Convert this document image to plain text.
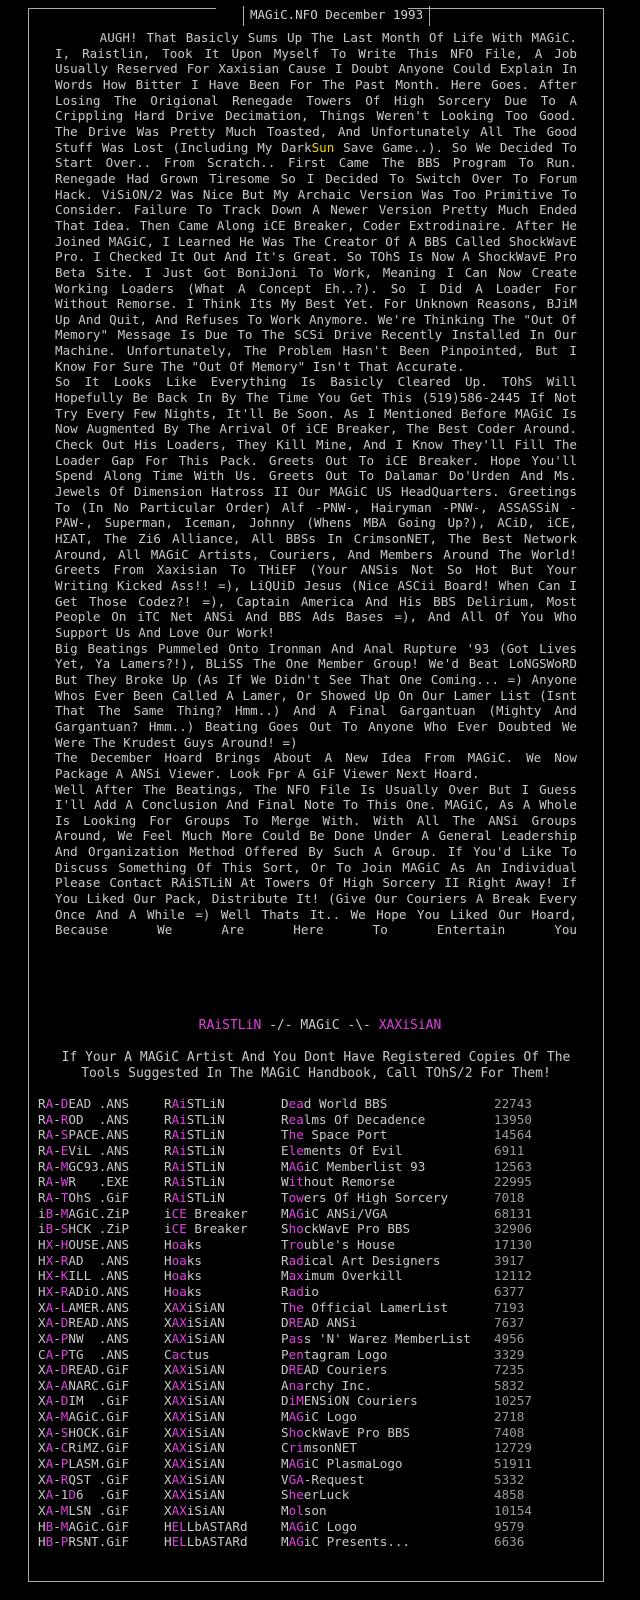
MAGiC.NFO December 1993

AUGH! That Basicly Sums Up The Last Month Of Life With MAGiC. I, Raistlin, Took It Upon Myself To Write This NFO File, A Job Usually Reserved For Xaxisian Cause I Doubt Anyone Could Explain In Words How Bitter I Have Been For The Past Month. Here Goes. After Losing The Origional Renegade Towers Of High Sorcery Due To A Crippling Hard Drive Decimation, Things Weren't Looking Too Good. The Drive Was Pretty Much Toasted, And Unfortunately All The Good Stuff Was Lost (Including My DarkSun Save Game..). So We Decided To Start Over.. From Scratch.. First Came The BBS Program To Run. Renegade Had Grown Tiresome So I Decided To Switch Over To Forum Hack. ViSiON/2 Was Nice But My Archaic Version Was Too Primitive To Consider. Failure To Track Down A Newer Version Pretty Much Ended That Idea. Then Came Along iCE Breaker, Coder Extrodinaire. After He Joined MAGiC, I Learned He Was The Creator Of A BBS Called ShockWavE Pro. I Checked It Out And It's Great. So TOhS Is Now A ShockWavE Pro Beta Site. I Just Got BoniJoni To Work, Meaning I Can Now Create Working Loaders (What A Concept Eh..?). So I Did A Loader For Without Remorse. I Think Its My Best Yet. For Unknown Reasons, BJiM Up And Quit, And Refuses To Work Anymore. We're Thinking The "Out Of Memory" Message Is Due To The SCSi Drive Recently Installed In Our Machine. Unfortunately, The Problem Hasn't Been Pinpointed, But I Know For Sure The "Out Of Memory" Isn't That Accurate.

So It Looks Like Everything Is Basicly Cleared Up. TOhS Will Hopefully Be Back In By The Time You Get This (519)586-2445 If Not Try Every Few Nights, It'll Be Soon. As I Mentioned Before MAGiC Is Now Augmented By The Arrival Of iCE Breaker, The Best Coder Around. Check Out His Loaders, They Kill Mine, And I Know They'll Fill The Loader Gap For This Pack. Greets Out To iCE Breaker. Hope You'll Spend Along Time With Us. Greets Out To Dalamar Do'Urden And Ms. Jewels Of Dimension Hatross II Our MAGiC US HeadQuarters. Greetings To (In No Particular Order) Alf -PNW-, Hairyman -PNW-, ASSASSiN -PAW-, Superman, Iceman, Johnny (Whens MBA Going Up?), ACiD, iCE, HΣAT, The Zi6 Alliance, All BBSs In CrimsonNET, The Best Network Around, All MAGiC Artists, Couriers, And Members Around The World! Greets From Xaxisian To THiEF (Your ANSis Not So Hot But Your Writing Kicked Ass!! =), LiQUiD Jesus (Nice ASCii Board! When Can I Get Those Codez?! =), Captain America And His BBS Delirium, Most People On iTC Net ANSi And BBS Ads Bases =), And All Of You Who Support Us And Love Our Work!

Big Beatings Pummeled Onto Ironman And Anal Rupture '93 (Got Lives Yet, Ya Lamers?!), BLiSS The One Member Group! We'd Beat LoNGSWoRD But They Broke Up (As If We Didn't See That One Coming... =) Anyone Whos Ever Been Called A Lamer, Or Showed Up On Our Lamer List (Isnt That The Same Thing? Hmm..) And A Final Gargantuan (Mighty And Gargantuan? Hmm..) Beating Goes Out To Anyone Who Ever Doubted We Were The Krudest Guys Around! =)

The December Hoard Brings About A New Idea From MAGiC. We Now Package A ANSi Viewer. Look Fpr A GiF Viewer Next Hoard.

Well After The Beatings, The NFO File Is Usually Over But I Guess I'll Add A Conclusion And Final Note To This One. MAGiC, As A Whole Is Looking For Groups To Merge With. With All The ANSi Groups Around, We Feel Much More Could Be Done Under A General Leadership And Organization Method Offered By Such A Group. If You'd Like To Discuss Something Of This Sort, Or To Join MAGiC As An Individual Please Contact RAiSTLiN At Towers Of High Sorcery II Right Away! If You Liked Our Pack, Distribute It! (Give Our Couriers A Break Every Once And A While =) Well Thats It.. We Hope You Liked Our Hoard, Because We Are Here To Entertain You

RAiSTLiN -/- MAGiC -\- XAXiSiAN
If Your A MAGiC Artist And You Dont Have Registered Copies Of The Tools Suggested In The MAGiC Handbook, Call TOhS/2 For Them!
RA-DEAD .ANS	RAiSTLiN	Dead World BBS	22743
RA-ROD .ANS	RAiSTLiN	Realms Of Decadence	13950
RA-SPACE.ANS	RAiSTLiN	The Space Port	14564
RA-EViL .ANS	RAiSTLiN	Elements Of Evil	6911
RA-MGC93.ANS	RAiSTLiN	MAGiC Memberlist 93	12563
RA-WR .EXE	RAiSTLiN	Without Remorse	22995
RA-TOhS .GiF	RAiSTLiN	Towers Of High Sorcery	7018
iB-MAGiC.ZiP	iCE Breaker	MAGiC ANSi/VGA	68131
iB-SHCK .ZiP	iCE Breaker	ShockWavE Pro BBS	32906
HX-HOUSE.ANS	Hoaks	Trouble's House	17130
HX-RAD .ANS	Hoaks	Radical Art Designers	3917
HX-KILL .ANS	Hoaks	Maximum Overkill	12112
HX-RADiO.ANS	Hoaks	Radio	6377
XA-LAMER.ANS	XAXiSiAN	The Official LamerList	7193
XA-DREAD.ANS	XAXiSiAN	DREAD ANSi	7637
XA-PNW .ANS	XAXiSiAN	Pass 'N' Warez MemberList	4956
CA-PTG .ANS	Cactus	Pentagram Logo	3329
XA-DREAD.GiF	XAXiSiAN	DREAD Couriers	7235
XA-ANARC.GiF	XAXiSiAN	Anarchy Inc.	5832
XA-DIM .GiF	XAXiSiAN	DiMENSiON Couriers	10257
XA-MAGiC.GiF	XAXiSiAN	MAGiC Logo	2718
XA-SHOCK.GiF	XAXiSiAN	ShockWavE Pro BBS	7408
XA-CRiMZ.GiF	XAXiSiAN	CrimsonNET	12729
XA-PLASM.GiF	XAXiSiAN	MAGiC PlasmaLogo	51911
XA-RQST .GiF	XAXiSiAN	VGA-Request	5332
XA-1D6 .GiF	XAXiSiAN	SheerLuck	4858
XA-MLSN .GiF	XAXiSiAN	Molson	10154
HB-MAGiC.GiF	HELLbASTARd	MAGiC Logo	9579
HB-PRSNT.GiF	HELLbASTARd	MAGiC Presents...	6636
